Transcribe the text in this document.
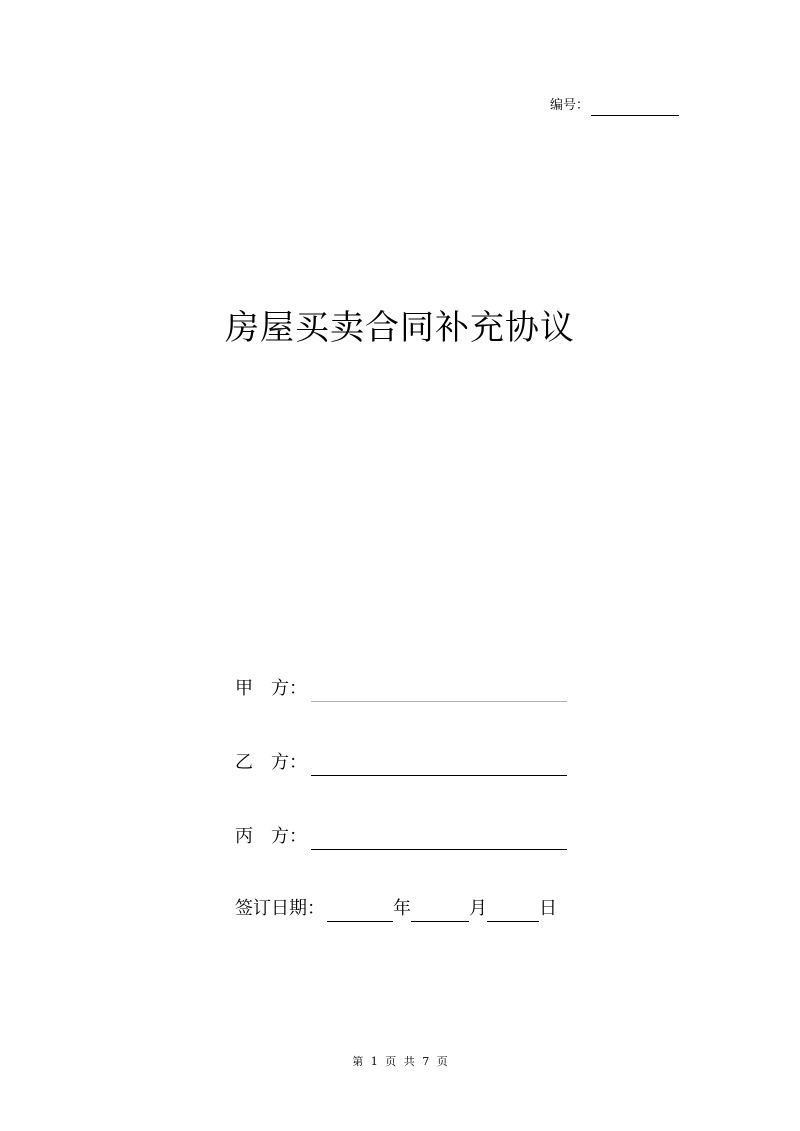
编号：
房屋买卖合同补充协议
甲　方：
乙　方：
丙　方：
签订日期：	年	月	日
第 1 页 共 7 页
